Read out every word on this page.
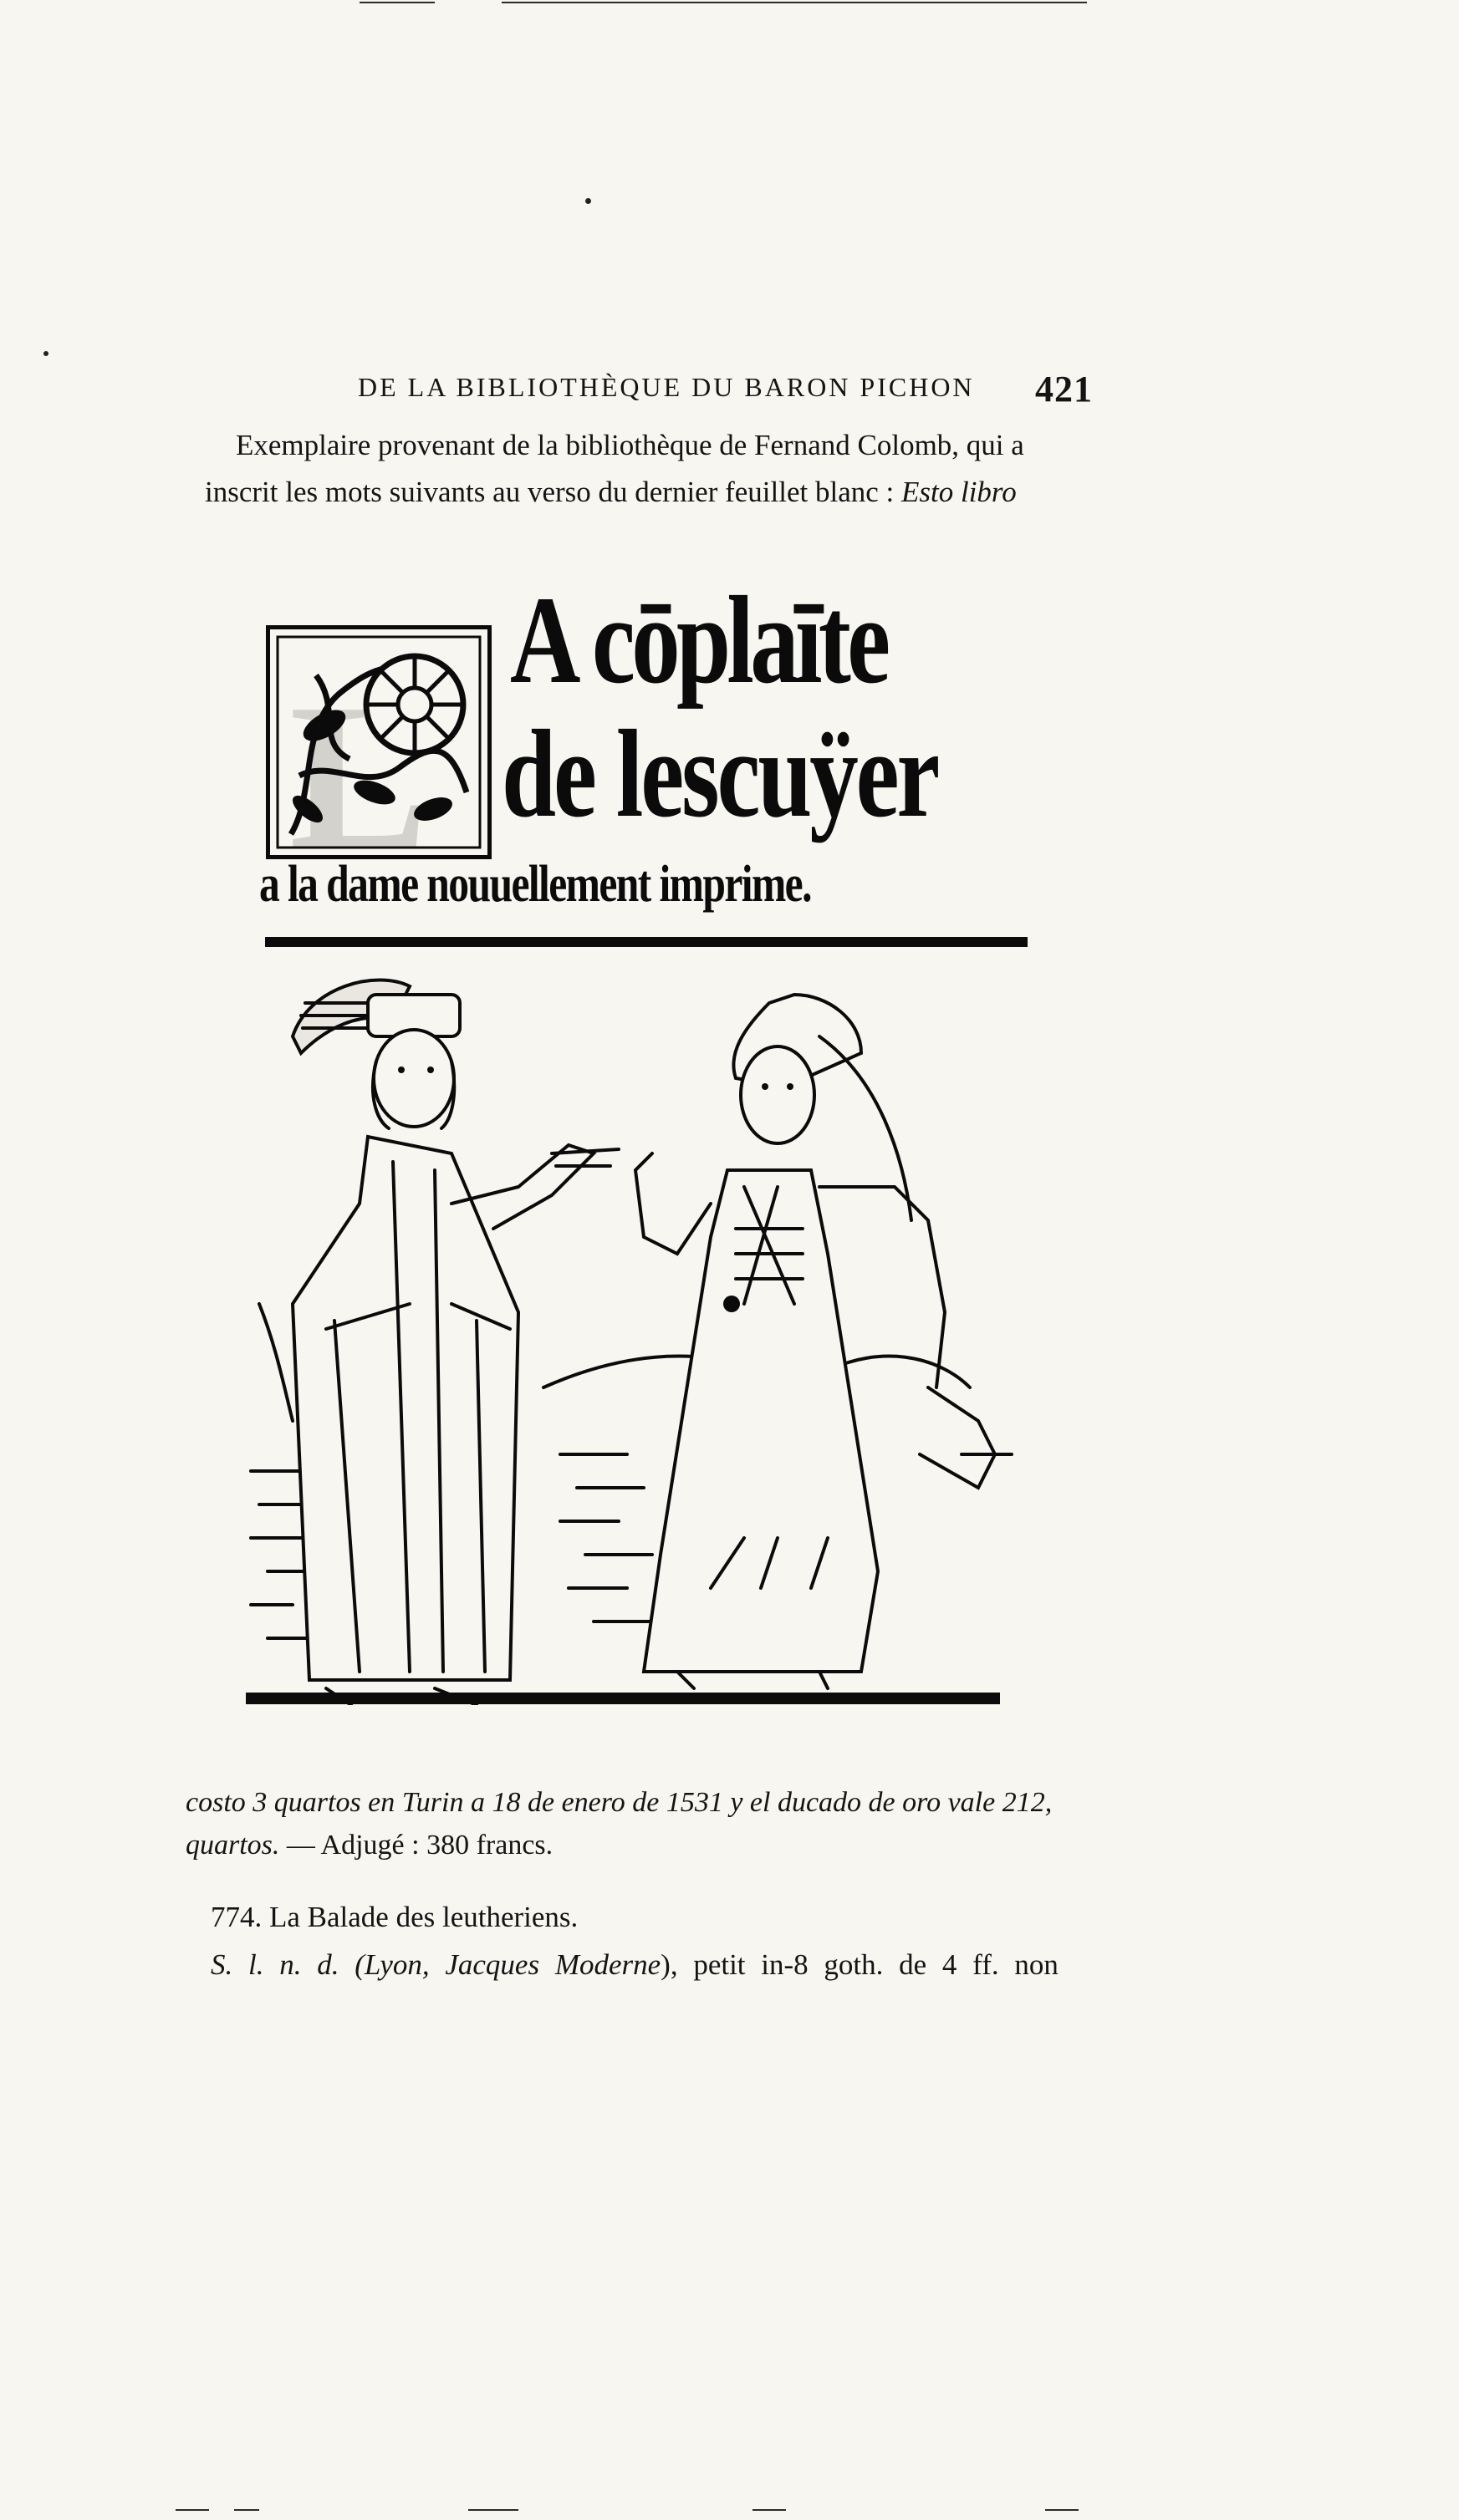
DE LA BIBLIOTHÈQUE DU BARON PICHON	421
Exemplaire provenant de la bibliothèque de Fernand Colomb, qui a
inscrit les mots suivants au verso du dernier feuillet blanc : Esto libro
L
A cōplaīte
de lescuÿer
a la dame nouuellement imprime.
costo 3 quartos en Turin a 18 de enero de 1531 y el ducado de oro vale 212,
quartos. — Adjugé : 380 francs.
774. La Balade des leutheriens.
S. l. n. d. (Lyon, Jacques Moderne), petit in-8 goth. de 4 ff. non
